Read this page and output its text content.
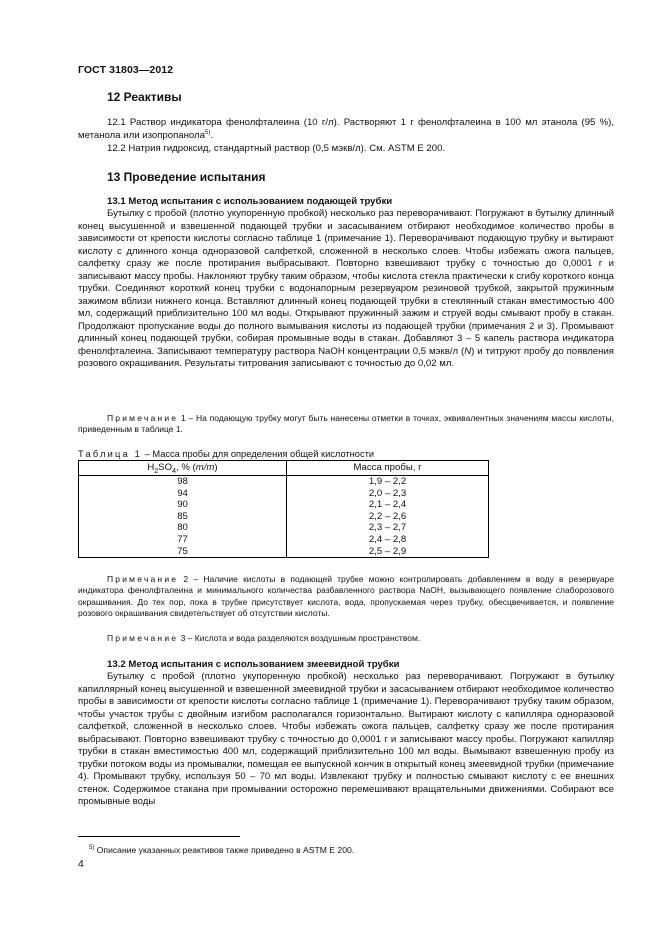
ГОСТ 31803—2012
12 Реактивы

12.1 Раствор индикатора фенолфталеина (10 г/л). Растворяют 1 г фенолфталеина в 100 мл этанола (95 %), метанола или изопропанола$^{5)}$.

12.2 Натрия гидроксид, стандартный раствор (0,5 мэкв/л). См. ASTM E 200.

13 Проведение испытания
13.1 Метод испытания с использованием подающей трубки

Бутылку с пробой (плотно укупоренную пробкой) несколько раз переворачивают. Погружают в бутылку длинный конец высушенной и взвешенной подающей трубки и засасыванием отбирают необходимое количество пробы в зависимости от крепости кислоты согласно таблице 1 (примечание 1). Переворачивают подающую трубку и вытирают кислоту с длинного конца одноразовой салфеткой, сложенной в несколько слоев. Чтобы избежать ожога пальцев, салфетку сразу же после протирания выбрасывают. Повторно взвешивают трубку с точностью до 0,0001 г и записывают массу пробы. Наклоняют трубку таким образом, чтобы кислота стекла практически к сгибу короткого конца трубки. Соединяют короткий конец трубки с водонапорным резервуаром резиновой трубкой, закрытой пружинным зажимом вблизи нижнего конца. Вставляют длинный конец подающей трубки в стеклянный стакан вместимостью 400 мл, содержащий приблизительно 100 мл воды. Открывают пружинный зажим и струей воды смывают пробу в стакан. Продолжают пропускание воды до полного вымывания кислоты из подающей трубки (примечания 2 и 3). Промывают длинный конец подающей трубки, собирая промывные воды в стакан. Добавляют 3 – 5 капель раствора индикатора фенолфталеина. Записывают температуру раствора NaOH концентрации 0,5 мэкв/л (N) и титруют пробу до появления розового окрашивания. Результаты титрования записывают с точностью до 0,02 мл.

Примечание 1 – На подающую трубку могут быть нанесены отметки в точках, эквивалентных значениям массы кислоты, приведенным в таблице 1.

Таблица 1 – Масса пробы для определения общей кислотности
$H_2SO_4$, % (m/m)	Масса пробы, г
98	1,9 – 2,2
94	2,0 – 2,3
90	2,1 – 2,4
85	2,2 – 2,6
80	2,3 – 2,7
77	2,4 – 2,8
75	2,5 – 2,9

Примечание 2 – Наличие кислоты в подающей трубке можно контролировать добавлением в воду в резервуаре индикатора фенолфталеина и минимального количества разбавленного раствора NaOH, вызывающего появление слаборозового окрашивания. До тех пор, пока в трубке присутствует кислота, вода, пропускаемая через трубку, обесцвечивается, и появление розового окрашивания свидетельствует об отсутствии кислоты.

Примечание 3 – Кислота и вода разделяются воздушным пространством.

13.2 Метод испытания с использованием змеевидной трубки

Бутылку с пробой (плотно укупоренную пробкой) несколько раз переворачивают. Погружают в бутылку капиллярный конец высушенной и взвешенной змеевидной трубки и засасыванием отбирают необходимое количество пробы в зависимости от крепости кислоты согласно таблице 1 (примечание 1). Переворачивают трубку таким образом, чтобы участок трубы с двойным изгибом располагался горизонтально. Вытирают кислоту с капилляра одноразовой салфеткой, сложенной в несколько слоев. Чтобы избежать ожога пальцев, салфетку сразу же после протирания выбрасывают. Повторно взвешивают трубку с точностью до 0,0001 г и записывают массу пробы. Погружают капилляр трубки в стакан вместимостью 400 мл, содержащий приблизительно 100 мл воды. Вымывают взвешенную пробу из трубки потоком воды из промывалки, помещая ее выпускной кончик в открытый конец змеевидной трубки (примечание 4). Промывают трубку, используя 50 – 70 мл воды. Извлекают трубку и полностью смывают кислоту с ее внешних стенок. Содержимое стакана при промывании осторожно перемешивают вращательными движениями. Собирают все промывные воды

$^{5)}$ Описание указанных реактивов также приведено в ASTM E 200.
4
